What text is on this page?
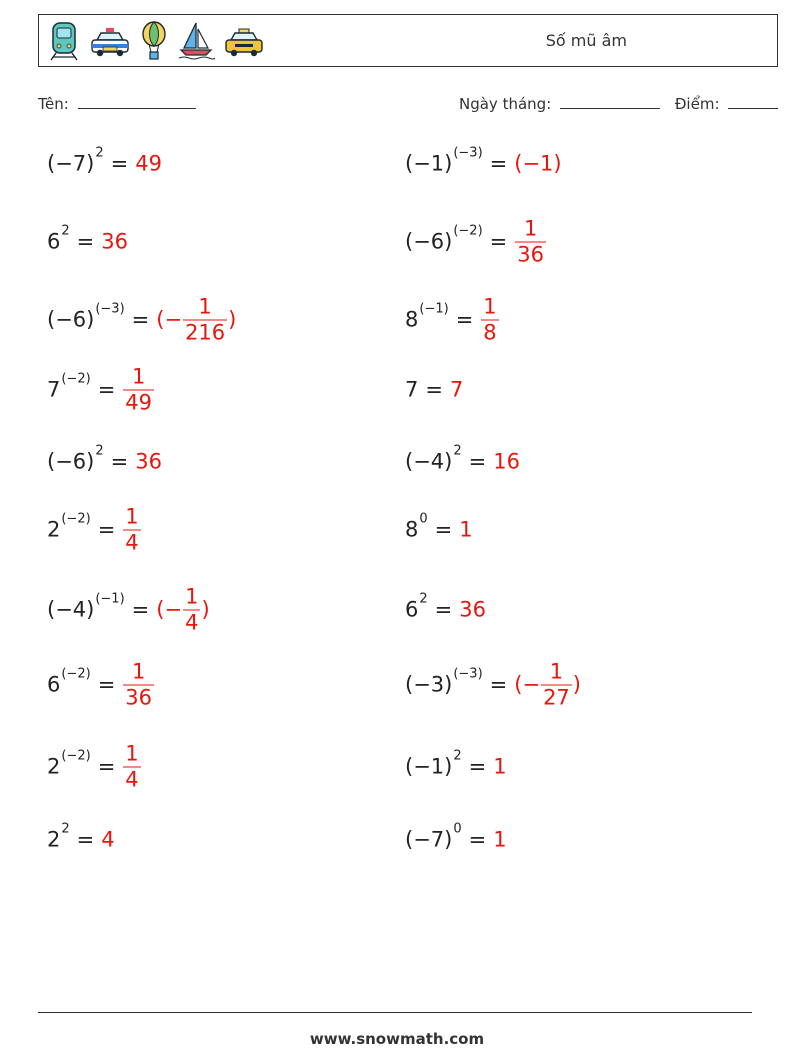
Số mũ âm
Tên:	Ngày tháng:	Điểm:
(−7) 2 = 49	(−1) (−3) = (−1)
6 2 = 36	(−6) $(-2) = \frac{1}{36}$
(−6) (−3) = (− $\frac{1}{216}$ )	8 $(-1) = \frac{1}{8}$
7 $(-2) = \frac{1}{49}$	7 = 7
(−6) 2 = 36	(−4) 2 = 16
2 $(-2) = \frac{1}{4}$	8 0 = 1
(−4) (−1) = (− $\frac{1}{4}$ )	6 2 = 36
6 $(-2) = \frac{1}{36}$	(−3) (−3) = (− $\frac{1}{27}$ )
2 $(-2) = \frac{1}{4}$	(−1) 2 = 1
2 2 = 4	(−7) 0 = 1
www.snowmath.com
